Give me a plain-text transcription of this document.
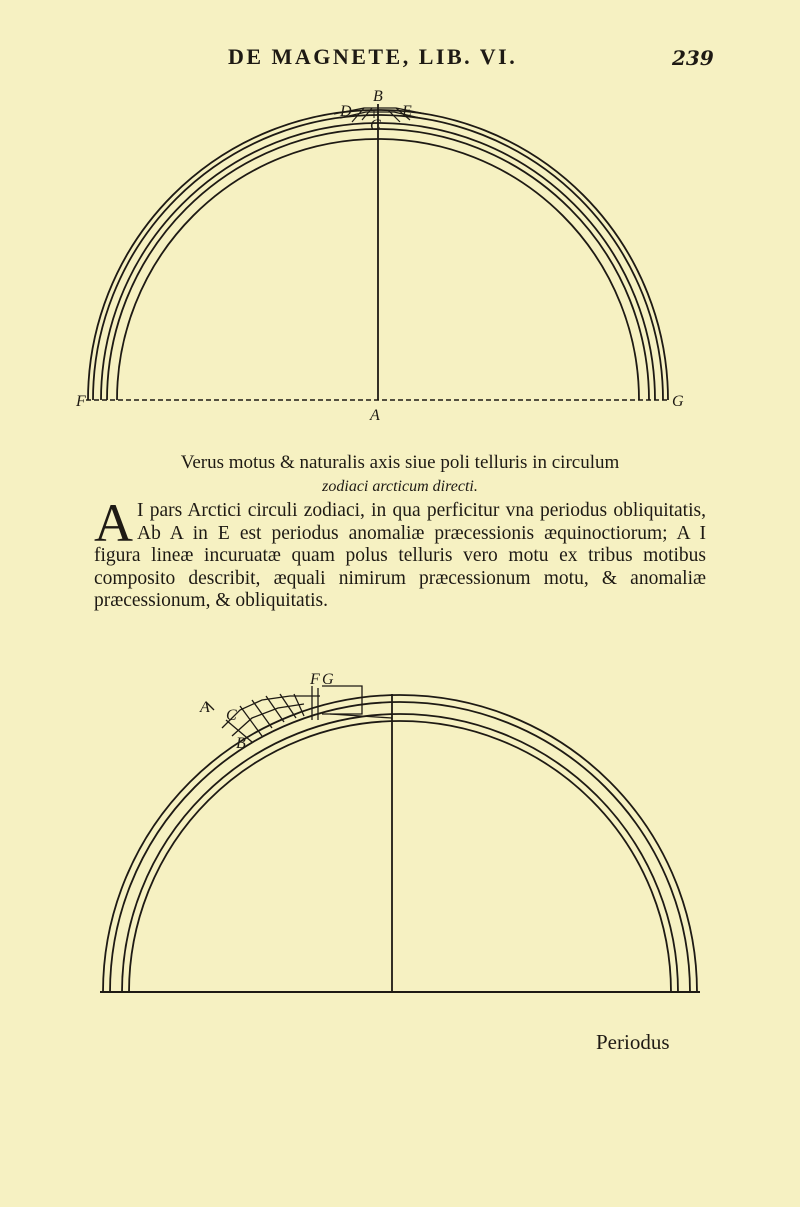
DE MAGNETE, LIB. VI.	239
B
D	E
C
F
A
G
Verus motus & naturalis axis siue poli telluris in circulum
zodiaci arcticum directi.
A I pars Arctici circuli zodiaci, in qua perficitur vna periodus obliquitatis, Ab A in E est periodus anomaliæ præcessionis æquinoctiorum; A I figura lineæ incuruatæ quam polus telluris vero motu ex tribus motibus composito describit, æquali nimirum præcessionum motu, & anomaliæ præcessionum, & obliquitatis.
F G
C
A
B
Periodus
